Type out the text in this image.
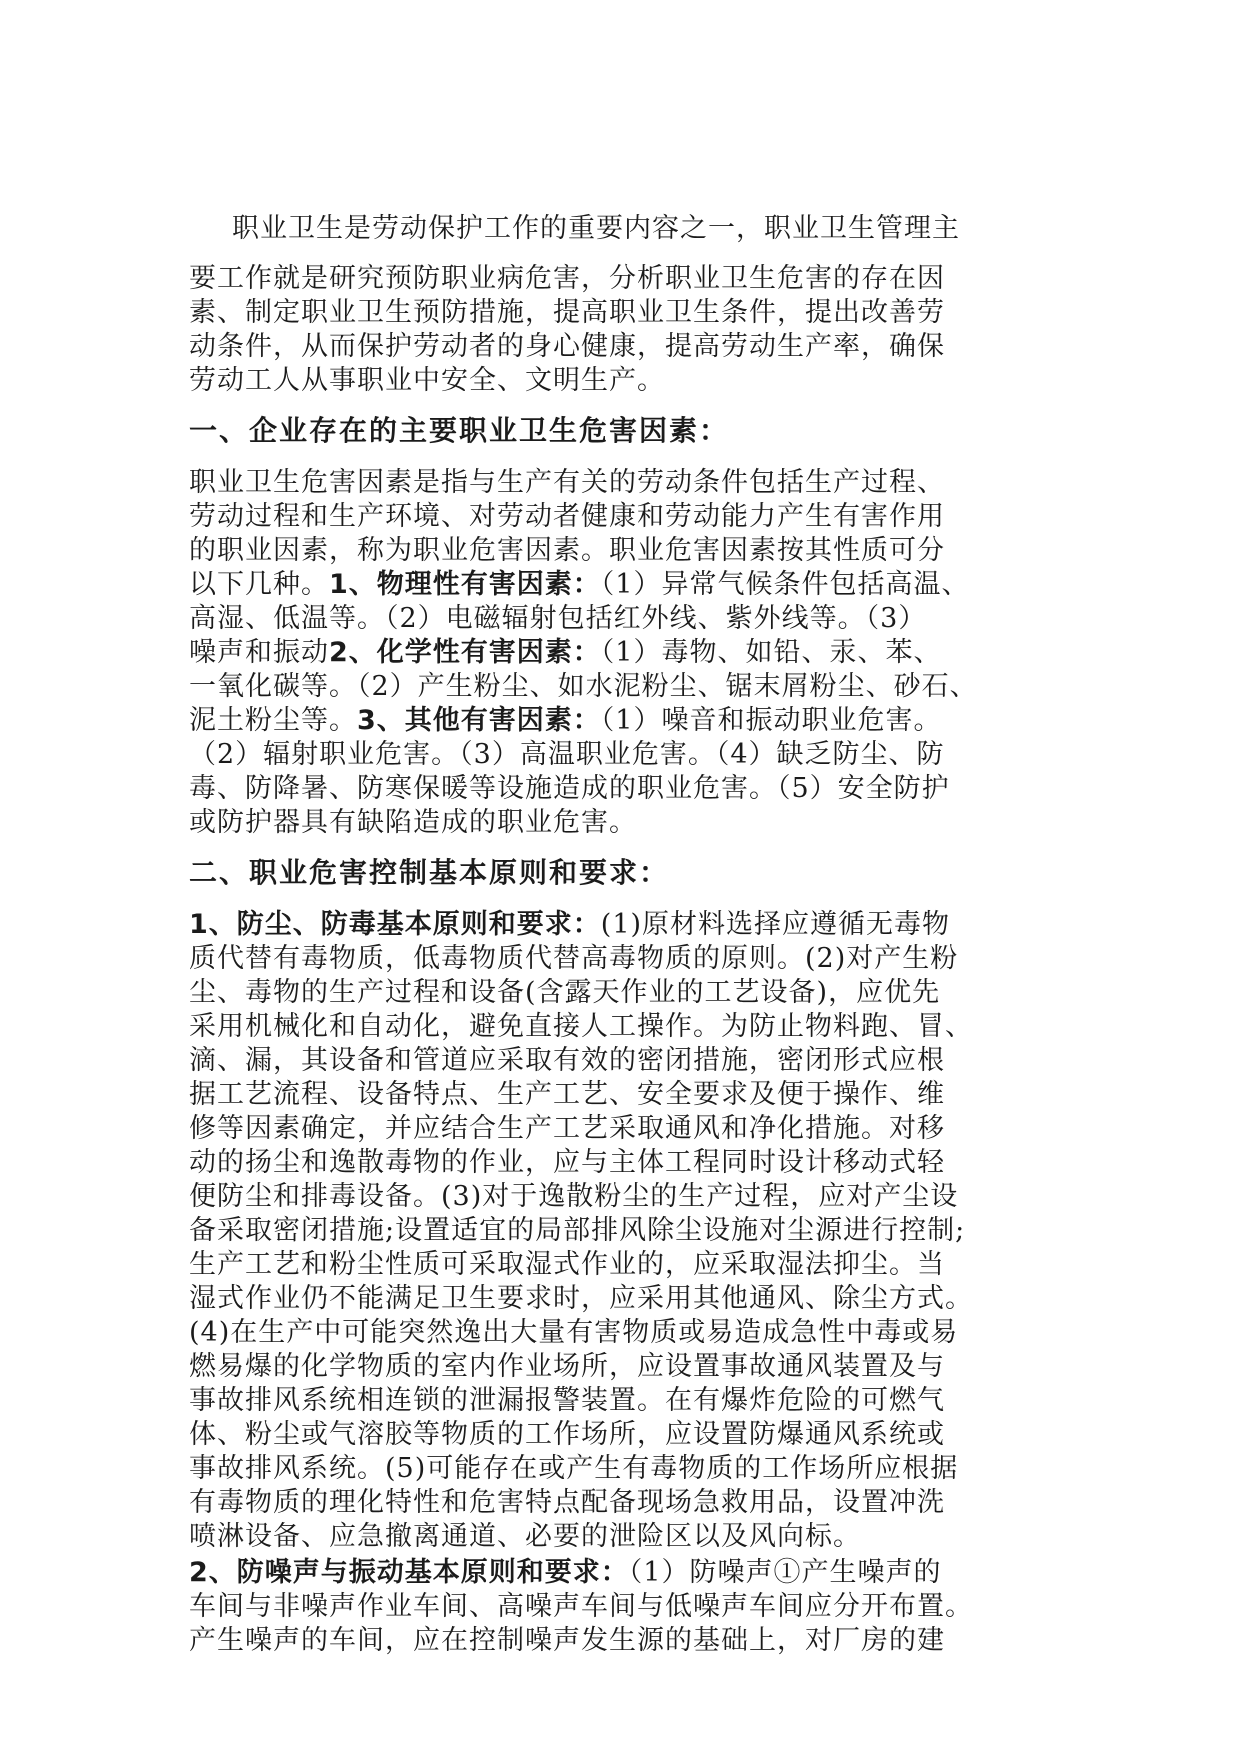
职业卫生是劳动保护工作的重要内容之一，职业卫生管理主
要工作就是研究预防职业病危害，分析职业卫生危害的存在因
素、制定职业卫生预防措施，提高职业卫生条件，提出改善劳
动条件，从而保护劳动者的身心健康，提高劳动生产率，确保
劳动工人从事职业中安全、文明生产。
一、企业存在的主要职业卫生危害因素：
职业卫生危害因素是指与生产有关的劳动条件包括生产过程、
劳动过程和生产环境、对劳动者健康和劳动能力产生有害作用
的职业因素，称为职业危害因素。职业危害因素按其性质可分
以下几种。1、物理性有害因素：（1）异常气候条件包括高温、
高湿、低温等。（2）电磁辐射包括红外线、紫外线等。（3）
噪声和振动2、化学性有害因素：（1）毒物、如铅、汞、苯、
一氧化碳等。（2）产生粉尘、如水泥粉尘、锯末屑粉尘、砂石、
泥土粉尘等。3、其他有害因素：（1）噪音和振动职业危害。
（2）辐射职业危害。（3）高温职业危害。（4）缺乏防尘、防
毒、防降暑、防寒保暖等设施造成的职业危害。（5）安全防护
或防护器具有缺陷造成的职业危害。
二、职业危害控制基本原则和要求：
1、防尘、防毒基本原则和要求：(1)原材料选择应遵循无毒物
质代替有毒物质，低毒物质代替高毒物质的原则。(2)对产生粉
尘、毒物的生产过程和设备(含露天作业的工艺设备)，应优先
采用机械化和自动化，避免直接人工操作。为防止物料跑、冒、
滴、漏，其设备和管道应采取有效的密闭措施，密闭形式应根
据工艺流程、设备特点、生产工艺、安全要求及便于操作、维
修等因素确定，并应结合生产工艺采取通风和净化措施。对移
动的扬尘和逸散毒物的作业，应与主体工程同时设计移动式轻
便防尘和排毒设备。(3)对于逸散粉尘的生产过程，应对产尘设
备采取密闭措施;设置适宜的局部排风除尘设施对尘源进行控制;
生产工艺和粉尘性质可采取湿式作业的，应采取湿法抑尘。当
湿式作业仍不能满足卫生要求时，应采用其他通风、除尘方式。
(4)在生产中可能突然逸出大量有害物质或易造成急性中毒或易
燃易爆的化学物质的室内作业场所，应设置事故通风装置及与
事故排风系统相连锁的泄漏报警装置。在有爆炸危险的可燃气
体、粉尘或气溶胶等物质的工作场所，应设置防爆通风系统或
事故排风系统。(5)可能存在或产生有毒物质的工作场所应根据
有毒物质的理化特性和危害特点配备现场急救用品，设置冲洗
喷淋设备、应急撤离通道、必要的泄险区以及风向标。
2、防噪声与振动基本原则和要求：（1）防噪声①产生噪声的
车间与非噪声作业车间、高噪声车间与低噪声车间应分开布置。
产生噪声的车间，应在控制噪声发生源的基础上，对厂房的建
